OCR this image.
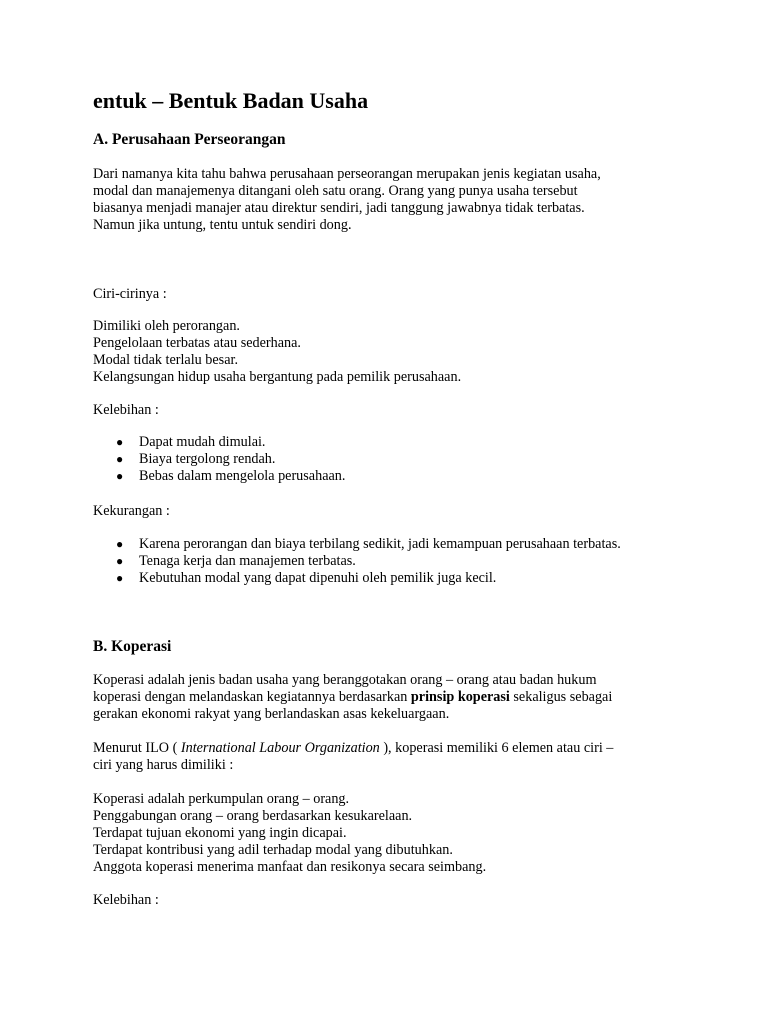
entuk – Bentuk Badan Usaha
A. Perusahaan Perseorangan

Dari namanya kita tahu bahwa perusahaan perseorangan merupakan jenis kegiatan usaha,
modal dan manajemenya ditangani oleh satu orang. Orang yang punya usaha tersebut
biasanya menjadi manajer atau direktur sendiri, jadi tanggung jawabnya tidak terbatas.
Namun jika untung, tentu untuk sendiri dong.

Ciri-cirinya :

Dimiliki oleh perorangan.
Pengelolaan terbatas atau sederhana.
Modal tidak terlalu besar.
Kelangsungan hidup usaha bergantung pada pemilik perusahaan.

Kelebihan :

● Dapat mudah dimulai.
● Biaya tergolong rendah.
● Bebas dalam mengelola perusahaan.

Kekurangan :

● Karena perorangan dan biaya terbilang sedikit, jadi kemampuan perusahaan terbatas.
● Tenaga kerja dan manajemen terbatas.
● Kebutuhan modal yang dapat dipenuhi oleh pemilik juga kecil.
B. Koperasi

Koperasi adalah jenis badan usaha yang beranggotakan orang – orang atau badan hukum
koperasi dengan melandaskan kegiatannya berdasarkan prinsip koperasi sekaligus sebagai
gerakan ekonomi rakyat yang berlandaskan asas kekeluargaan.

Menurut ILO ( International Labour Organization ), koperasi memiliki 6 elemen atau ciri –
ciri yang harus dimiliki :

Koperasi adalah perkumpulan orang – orang.
Penggabungan orang – orang berdasarkan kesukarelaan.
Terdapat tujuan ekonomi yang ingin dicapai.
Terdapat kontribusi yang adil terhadap modal yang dibutuhkan.
Anggota koperasi menerima manfaat dan resikonya secara seimbang.

Kelebihan :
